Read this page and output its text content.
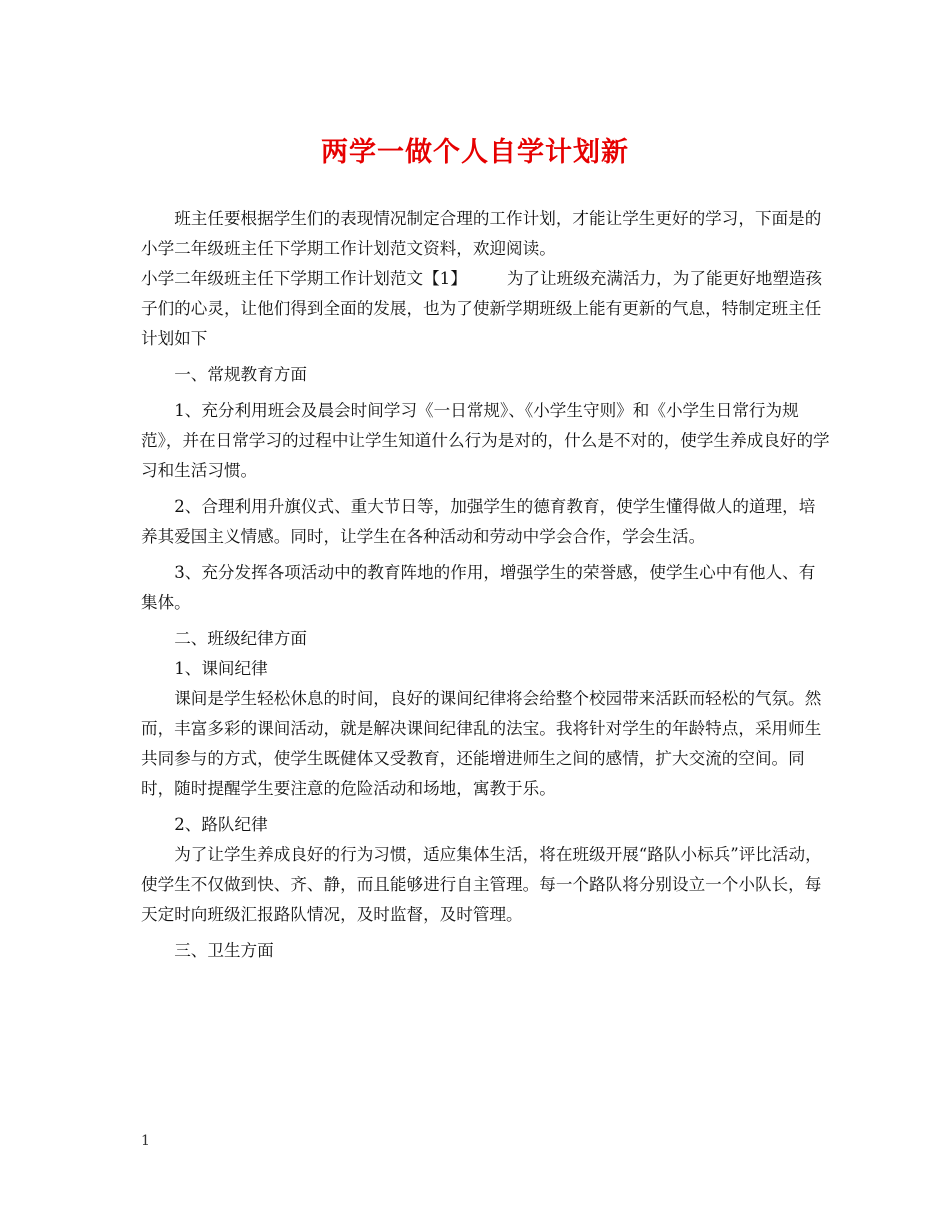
两学一做个人自学计划新

班主任要根据学生们的表现情况制定合理的工作计划，才能让学生更好的学习，下面是的小学二年级班主任下学期工作计划范文资料，欢迎阅读。

小学二年级班主任下学期工作计划范文【1】 为了让班级充满活力，为了能更好地塑造孩子们的心灵，让他们得到全面的发展，也为了使新学期班级上能有更新的气息，特制定班主任计划如下

一、常规教育方面

1、充分利用班会及晨会时间学习《一日常规》、《小学生守则》和《小学生日常行为规范》，并在日常学习的过程中让学生知道什么行为是对的，什么是不对的，使学生养成良好的学习和生活习惯。

2、合理利用升旗仪式、重大节日等，加强学生的德育教育，使学生懂得做人的道理，培养其爱国主义情感。同时，让学生在各种活动和劳动中学会合作，学会生活。

3、充分发挥各项活动中的教育阵地的作用，增强学生的荣誉感，使学生心中有他人、有集体。

二、班级纪律方面

1、课间纪律

课间是学生轻松休息的时间，良好的课间纪律将会给整个校园带来活跃而轻松的气氛。然而，丰富多彩的课间活动，就是解决课间纪律乱的法宝。我将针对学生的年龄特点，采用师生共同参与的方式，使学生既健体又受教育，还能增进师生之间的感情，扩大交流的空间。同时，随时提醒学生要注意的危险活动和场地，寓教于乐。

2、路队纪律

为了让学生养成良好的行为习惯，适应集体生活，将在班级开展“路队小标兵”评比活动，使学生不仅做到快、齐、静，而且能够进行自主管理。每一个路队将分别设立一个小队长，每天定时向班级汇报路队情况，及时监督，及时管理。

三、卫生方面

1
